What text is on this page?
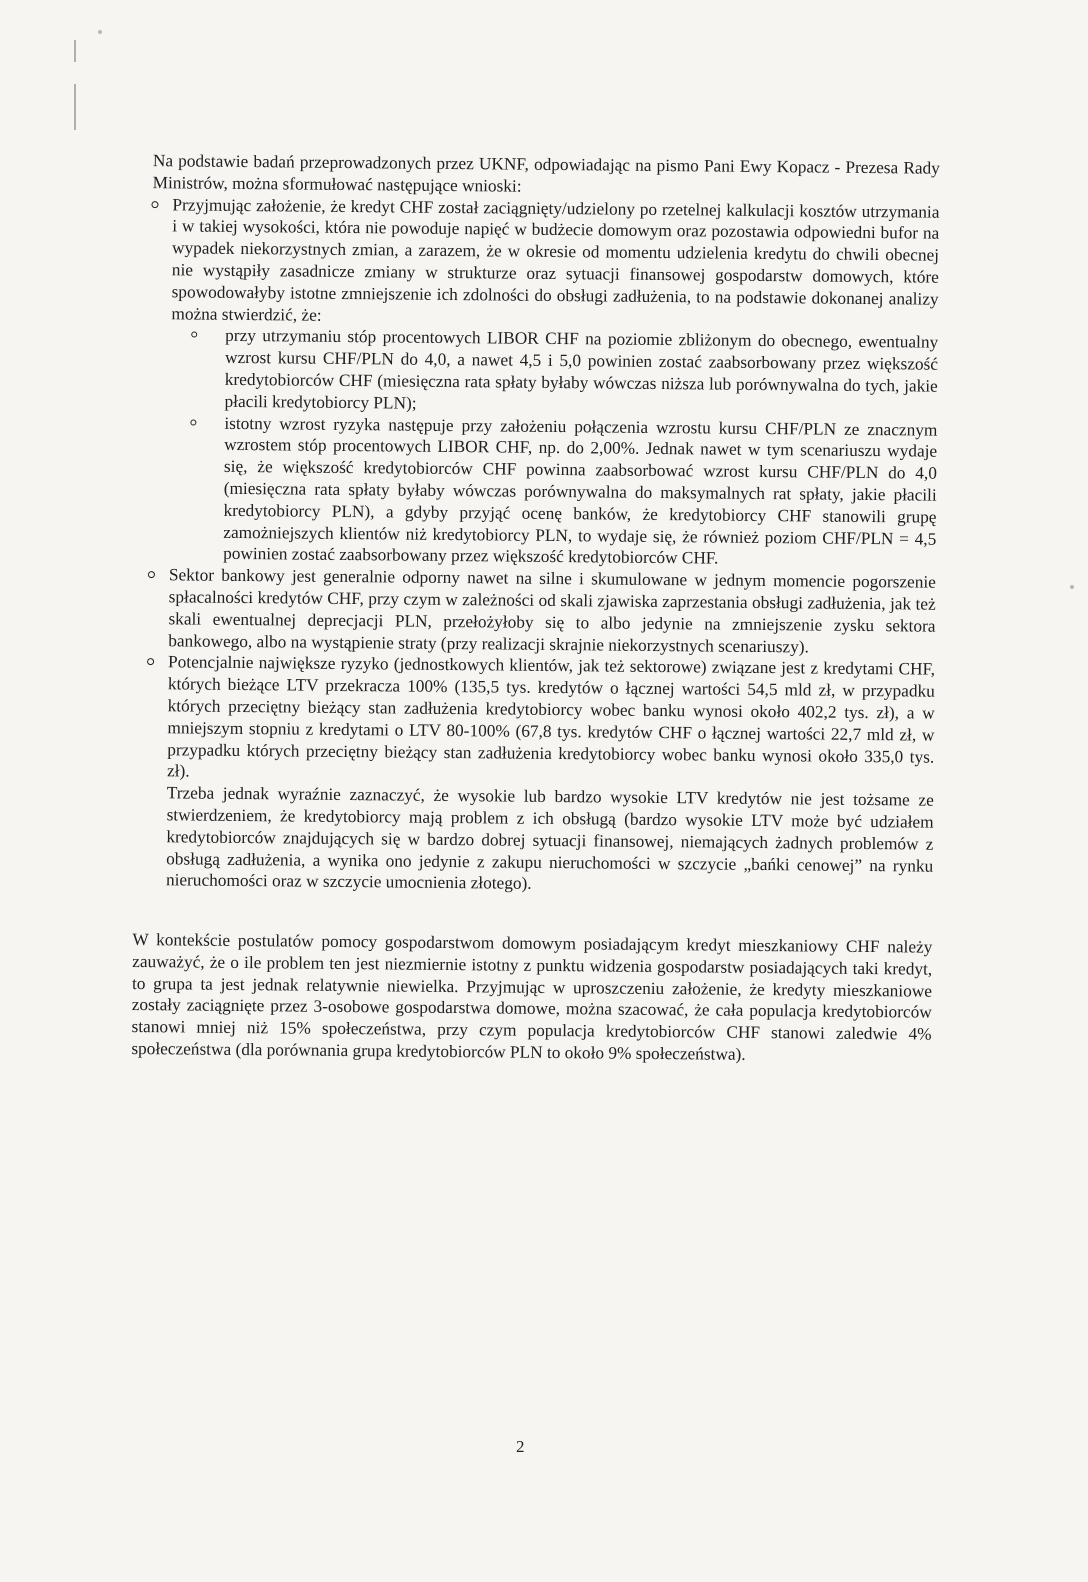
Na podstawie badań przeprowadzonych przez UKNF, odpowiadając na pismo Pani Ewy Kopacz - Prezesa Rady Ministrów, można sformułować następujące wnioski:

Przyjmując założenie, że kredyt CHF został zaciągnięty/udzielony po rzetelnej kalkulacji kosztów utrzymania i w takiej wysokości, która nie powoduje napięć w budżecie domowym oraz pozostawia odpowiedni bufor na wypadek niekorzystnych zmian, a zarazem, że w okresie od momentu udzielenia kredytu do chwili obecnej nie wystąpiły zasadnicze zmiany w strukturze oraz sytuacji finansowej gospodarstw domowych, które spowodowałyby istotne zmniejszenie ich zdolności do obsługi zadłużenia, to na podstawie dokonanej analizy można stwierdzić, że:

przy utrzymaniu stóp procentowych LIBOR CHF na poziomie zbliżonym do obecnego, ewentualny wzrost kursu CHF/PLN do 4,0, a nawet 4,5 i 5,0 powinien zostać zaabsorbowany przez większość kredytobiorców CHF (miesięczna rata spłaty byłaby wówczas niższa lub porównywalna do tych, jakie płacili kredytobiorcy PLN);

istotny wzrost ryzyka następuje przy założeniu połączenia wzrostu kursu CHF/PLN ze znacznym wzrostem stóp procentowych LIBOR CHF, np. do 2,00%. Jednak nawet w tym scenariuszu wydaje się, że większość kredytobiorców CHF powinna zaabsorbować wzrost kursu CHF/PLN do 4,0 (miesięczna rata spłaty byłaby wówczas porównywalna do maksymalnych rat spłaty, jakie płacili kredytobiorcy PLN), a gdyby przyjąć ocenę banków, że kredytobiorcy CHF stanowili grupę zamożniejszych klientów niż kredytobiorcy PLN, to wydaje się, że również poziom CHF/PLN = 4,5 powinien zostać zaabsorbowany przez większość kredytobiorców CHF.

Sektor bankowy jest generalnie odporny nawet na silne i skumulowane w jednym momencie pogorszenie spłacalności kredytów CHF, przy czym w zależności od skali zjawiska zaprzestania obsługi zadłużenia, jak też skali ewentualnej deprecjacji PLN, przełożyłoby się to albo jedynie na zmniejszenie zysku sektora bankowego, albo na wystąpienie straty (przy realizacji skrajnie niekorzystnych scenariuszy).

Potencjalnie największe ryzyko (jednostkowych klientów, jak też sektorowe) związane jest z kredytami CHF, których bieżące LTV przekracza 100% (135,5 tys. kredytów o łącznej wartości 54,5 mld zł, w przypadku których przeciętny bieżący stan zadłużenia kredytobiorcy wobec banku wynosi około 402,2 tys. zł), a w mniejszym stopniu z kredytami o LTV 80-100% (67,8 tys. kredytów CHF o łącznej wartości 22,7 mld zł, w przypadku których przeciętny bieżący stan zadłużenia kredytobiorcy wobec banku wynosi około 335,0 tys. zł).

Trzeba jednak wyraźnie zaznaczyć, że wysokie lub bardzo wysokie LTV kredytów nie jest tożsame ze stwierdzeniem, że kredytobiorcy mają problem z ich obsługą (bardzo wysokie LTV może być udziałem kredytobiorców znajdujących się w bardzo dobrej sytuacji finansowej, niemających żadnych problemów z obsługą zadłużenia, a wynika ono jedynie z zakupu nieruchomości w szczycie „bańki cenowej” na rynku nieruchomości oraz w szczycie umocnienia złotego).

W kontekście postulatów pomocy gospodarstwom domowym posiadającym kredyt mieszkaniowy CHF należy zauważyć, że o ile problem ten jest niezmiernie istotny z punktu widzenia gospodarstw posiadających taki kredyt, to grupa ta jest jednak relatywnie niewielka. Przyjmując w uproszczeniu założenie, że kredyty mieszkaniowe zostały zaciągnięte przez 3-osobowe gospodarstwa domowe, można szacować, że cała populacja kredytobiorców stanowi mniej niż 15% społeczeństwa, przy czym populacja kredytobiorców CHF stanowi zaledwie 4% społeczeństwa (dla porównania grupa kredytobiorców PLN to około 9% społeczeństwa).

2
